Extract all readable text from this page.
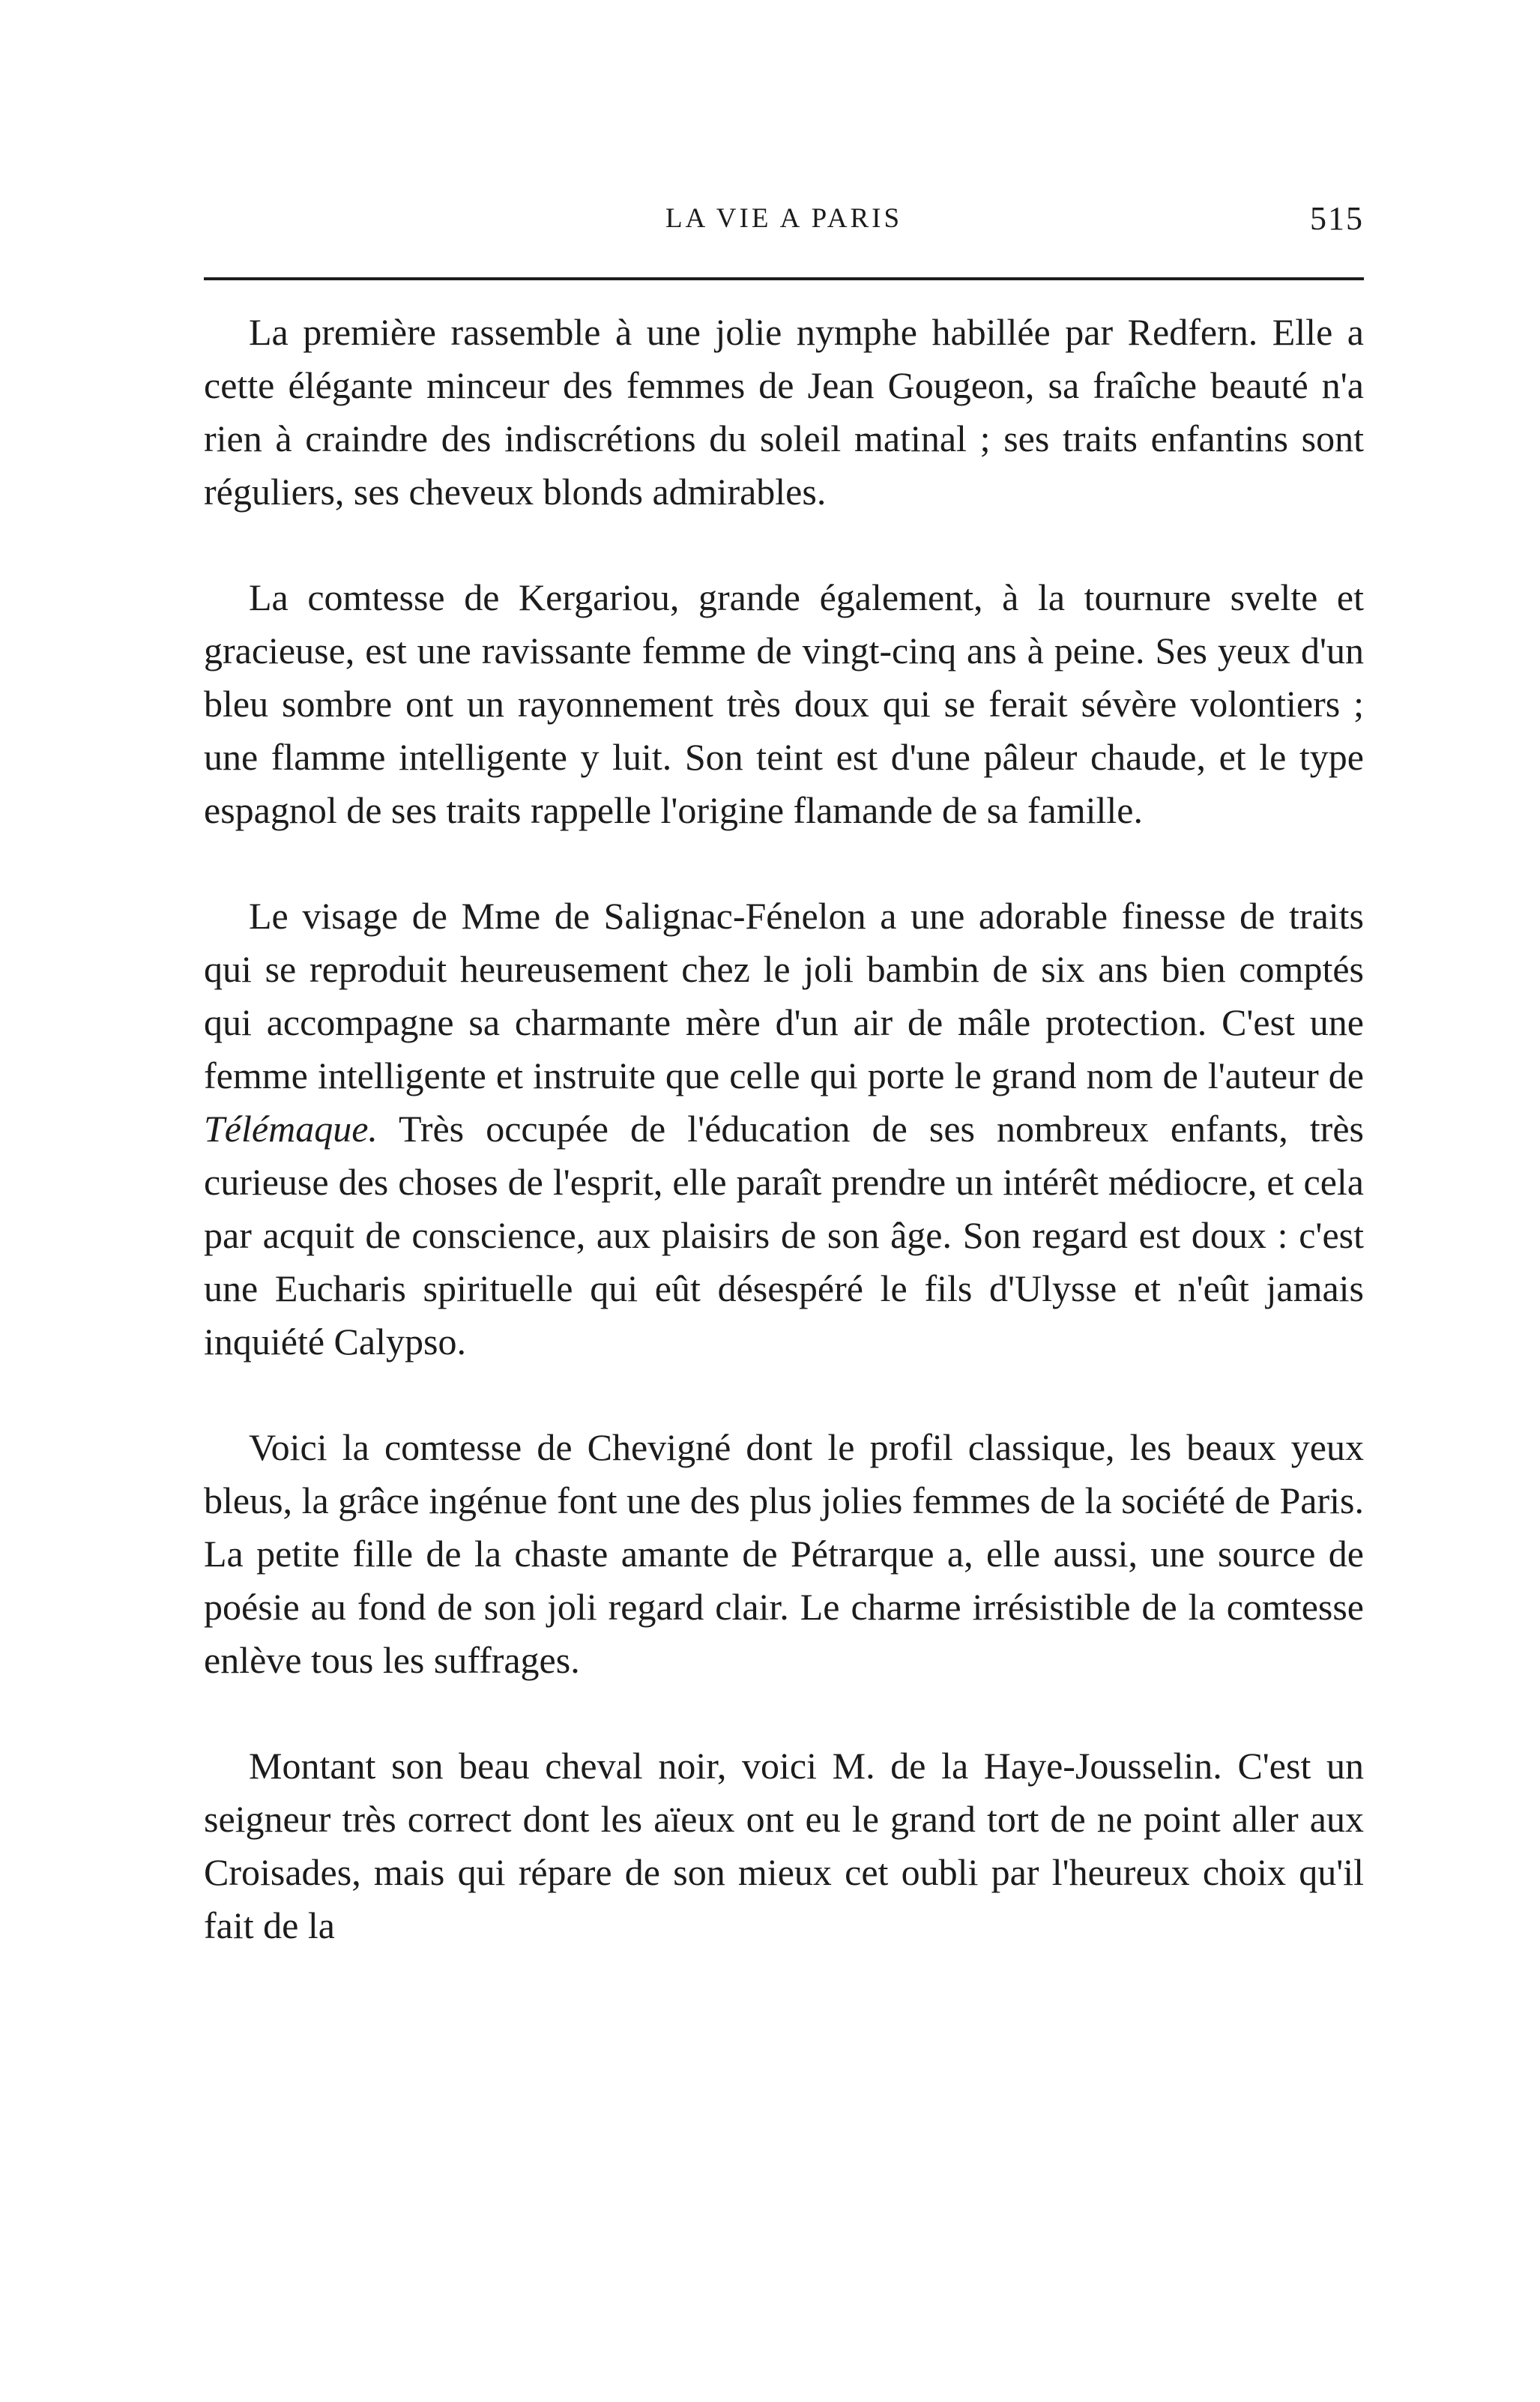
LA VIE A PARIS	515

La première rassemble à une jolie nymphe habillée par Redfern. Elle a cette élégante minceur des femmes de Jean Gougeon, sa fraîche beauté n'a rien à craindre des indiscrétions du soleil matinal ; ses traits enfantins sont réguliers, ses cheveux blonds admirables.

La comtesse de Kergariou, grande également, à la tournure svelte et gracieuse, est une ravissante femme de vingt-cinq ans à peine. Ses yeux d'un bleu sombre ont un rayonnement très doux qui se ferait sévère volontiers ; une flamme intelligente y luit. Son teint est d'une pâleur chaude, et le type espagnol de ses traits rappelle l'origine flamande de sa famille.

Le visage de Mme de Salignac-Fénelon a une adorable finesse de traits qui se reproduit heureusement chez le joli bambin de six ans bien comptés qui accompagne sa charmante mère d'un air de mâle protection. C'est une femme intelligente et instruite que celle qui porte le grand nom de l'auteur de Télémaque. Très occupée de l'éducation de ses nombreux enfants, très curieuse des choses de l'esprit, elle paraît prendre un intérêt médiocre, et cela par acquit de conscience, aux plaisirs de son âge. Son regard est doux : c'est une Eucharis spirituelle qui eût désespéré le fils d'Ulysse et n'eût jamais inquiété Calypso.

Voici la comtesse de Chevigné dont le profil classique, les beaux yeux bleus, la grâce ingénue font une des plus jolies femmes de la société de Paris. La petite fille de la chaste amante de Pétrarque a, elle aussi, une source de poésie au fond de son joli regard clair. Le charme irrésistible de la comtesse enlève tous les suffrages.

Montant son beau cheval noir, voici M. de la Haye-Jousselin. C'est un seigneur très correct dont les aïeux ont eu le grand tort de ne point aller aux Croisades, mais qui répare de son mieux cet oubli par l'heureux choix qu'il fait de la
